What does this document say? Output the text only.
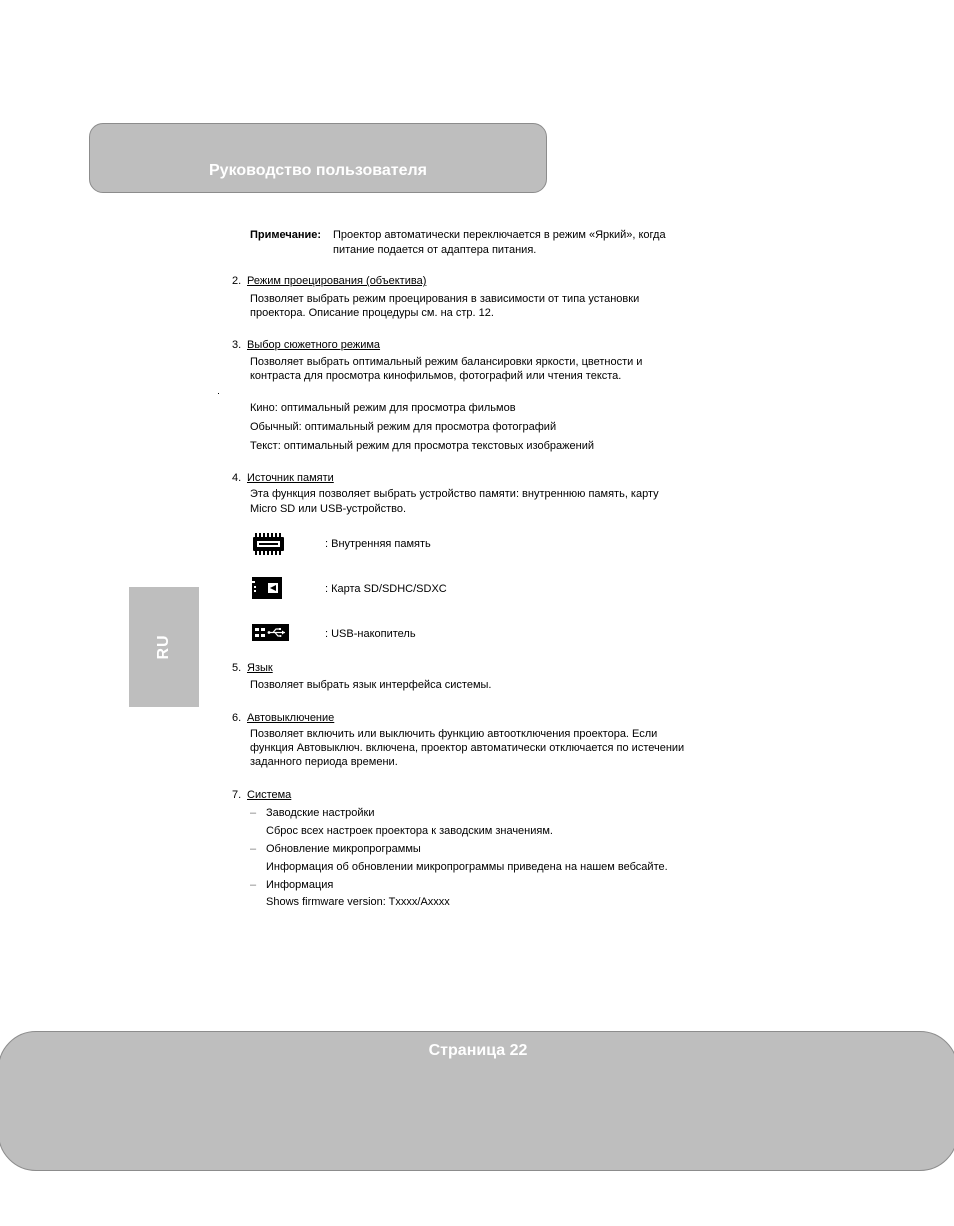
Руководство пользователя
RU
Примечание: Проектор автоматически переключается в режим «Яркий», когда
питание подается от адаптера питания.
2. Режим проецирования (объектива)
Позволяет выбрать режим проецирования в зависимости от типа установки
проектора. Описание процедуры см. на стр. 12.
3. Выбор сюжетного режима
Позволяет выбрать оптимальный режим балансировки яркости, цветности и
контраста для просмотра кинофильмов, фотографий или чтения текста.
Кино: оптимальный режим для просмотра фильмов
Обычный: оптимальный режим для просмотра фотографий
Текст: оптимальный режим для просмотра текстовых изображений
4. Источник памяти
Эта функция позволяет выбрать устройство памяти: внутреннюю память, карту
Micro SD или USB-устройство.
: Внутренняя память
: Карта SD/SDHC/SDXC
: USB-накопитель
5. Язык
Позволяет выбрать язык интерфейса системы.
6. Автовыключение
Позволяет включить или выключить функцию автоотключения проектора. Если
функция Автовыключ. включена, проектор автоматически отключается по истечении
заданного периода времени.
7. Система
– Заводские настройки
Сброс всех настроек проектора к заводским значениям.
– Обновление микропрограммы
Информация об обновлении микропрограммы приведена на нашем вебсайте.
– Информация
Shows firmware version: Txxxx/Axxxx
Страница 22
